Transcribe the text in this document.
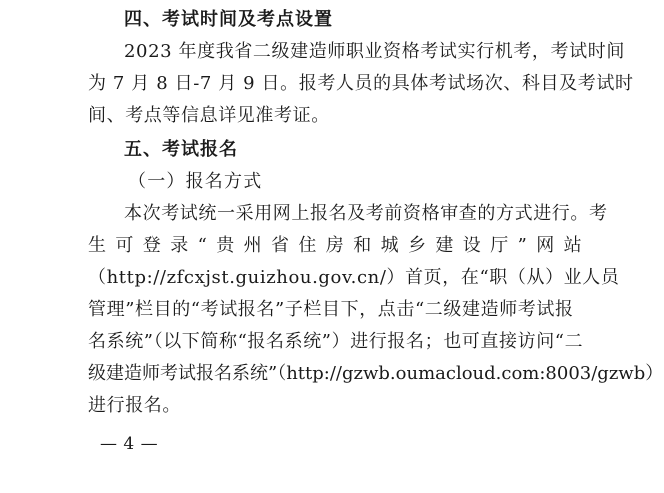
四、考试时间及考点设置
2023 年度我省二级建造师职业资格考试实行机考，考试时间
为 7 月 8 日-7 月 9 日。报考人员的具体考试场次、科目及考试时
间、考点等信息详见准考证。
五、考试报名
（一）报名方式
本次考试统一采用网上报名及考前资格审查的方式进行。考
生可登录“贵州省住房和城乡建设厅”网站
（http://zfcxjst.guizhou.gov.cn/）首页，在“职（从）业人员
管理”栏目的“考试报名”子栏目下，点击“二级建造师考试报
名系统”（以下简称“报名系统”）进行报名；也可直接访问“二
级建造师考试报名系统”（http://gzwb.oumacloud.com:8003/gzwb）
进行报名。
— 4 —
